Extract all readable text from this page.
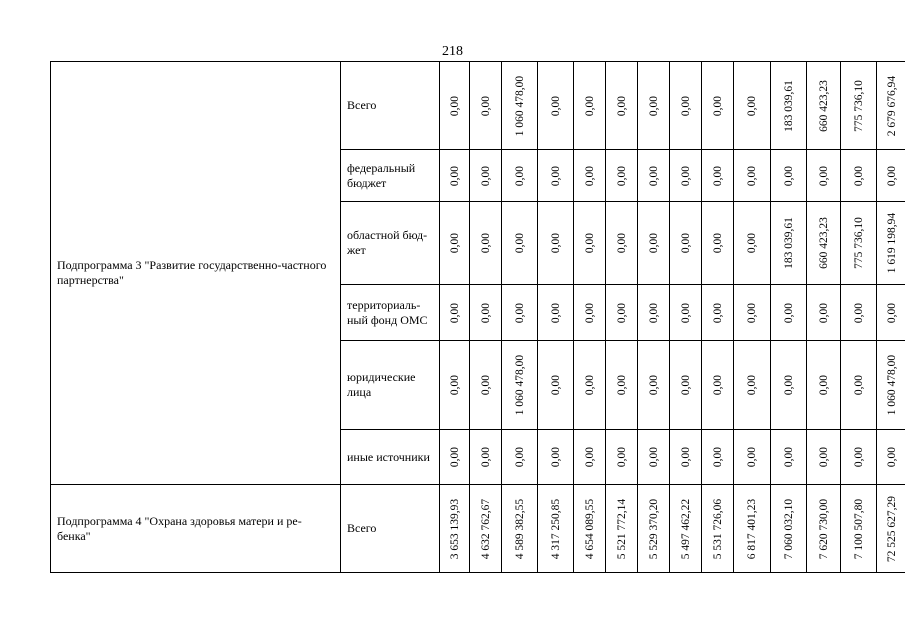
218
Подпрограмма 3 "Развитие государственно-частного партнерства"	Всего	0,00	0,00	1 060 478,00	0,00	0,00	0,00	0,00	0,00	0,00	0,00	183 039,61	660 423,23	775 736,10	2 679 676,94

	федеральный бюджет	0,00	0,00	0,00	0,00	0,00	0,00	0,00	0,00	0,00	0,00	0,00	0,00	0,00	0,00

	областной бюд-жет	0,00	0,00	0,00	0,00	0,00	0,00	0,00	0,00	0,00	0,00	183 039,61	660 423,23	775 736,10	1 619 198,94

	территориаль-ный фонд ОМС	0,00	0,00	0,00	0,00	0,00	0,00	0,00	0,00	0,00	0,00	0,00	0,00	0,00	0,00

	юридические лица	0,00	0,00	1 060 478,00	0,00	0,00	0,00	0,00	0,00	0,00	0,00	0,00	0,00	0,00	1 060 478,00

	иные источники	0,00	0,00	0,00	0,00	0,00	0,00	0,00	0,00	0,00	0,00	0,00	0,00	0,00	0,00

Подпрограмма 4 "Охрана здоровья матери и ре-бенка"	Всего	3 653 139,93	4 632 762,67	4 589 382,55	4 317 250,85	4 654 089,55	5 521 772,14	5 529 370,20	5 497 462,22	5 531 726,06	6 817 401,23	7 060 032,10	7 620 730,00	7 100 507,80	72 525 627,29
